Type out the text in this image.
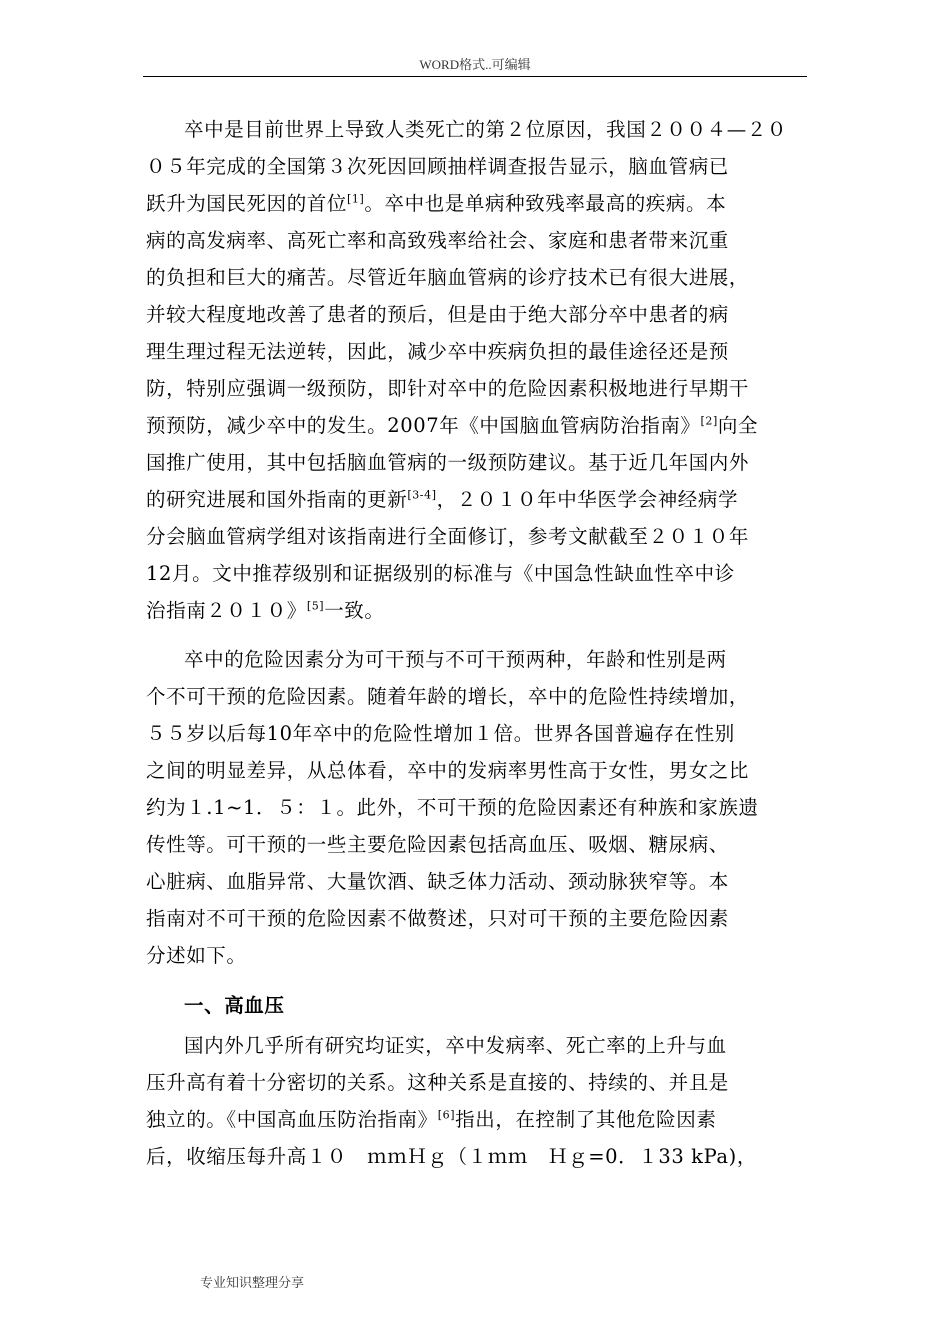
WORD格式..可编辑
卒中是目前世界上导致人类死亡的第２位原因，我国２００４—２０
０５年完成的全国第３次死因回顾抽样调查报告显示，脑血管病已
跃升为国民死因的首位[1]。卒中也是单病种致残率最高的疾病。本
病的高发病率、高死亡率和高致残率给社会、家庭和患者带来沉重
的负担和巨大的痛苦。尽管近年脑血管病的诊疗技术已有很大进展，
并较大程度地改善了患者的预后，但是由于绝大部分卒中患者的病
理生理过程无法逆转，因此，减少卒中疾病负担的最佳途径还是预
防，特别应强调一级预防，即针对卒中的危险因素积极地进行早期干
预预防，减少卒中的发生。2007年《中国脑血管病防治指南》[2]向全
国推广使用，其中包括脑血管病的一级预防建议。基于近几年国内外
的研究进展和国外指南的更新[3-4]，２０１０年中华医学会神经病学
分会脑血管病学组对该指南进行全面修订，参考文献截至２０１０年
12月。文中推荐级别和证据级别的标准与《中国急性缺血性卒中诊
治指南２０１０》[5]一致。
卒中的危险因素分为可干预与不可干预两种，年龄和性别是两
个不可干预的危险因素。随着年龄的增长，卒中的危险性持续增加，
５５岁以后每10年卒中的危险性增加１倍。世界各国普遍存在性别
之间的明显差异，从总体看，卒中的发病率男性高于女性，男女之比
约为１.1~1．５：１。此外，不可干预的危险因素还有种族和家族遗
传性等。可干预的一些主要危险因素包括高血压、吸烟、糖尿病、
心脏病、血脂异常、大量饮酒、缺乏体力活动、颈动脉狭窄等。本
指南对不可干预的危险因素不做赘述，只对可干预的主要危险因素
分述如下。
一、高血压
国内外几乎所有研究均证实，卒中发病率、死亡率的上升与血
压升高有着十分密切的关系。这种关系是直接的、持续的、并且是
独立的。《中国高血压防治指南》[6]指出，在控制了其他危险因素
后，收缩压每升高１０　ｍｍＨｇ（１ｍｍ　Ｈｇ=0．１33 kPa)，
专业知识整理分享
